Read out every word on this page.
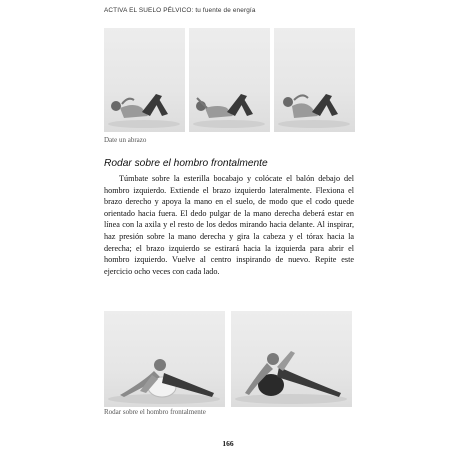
ACTIVA EL SUELO PÉLVICO: tu fuente de energía
Date un abrazo
Rodar sobre el hombro frontalmente

Túmbate sobre la esterilla bocabajo y colócate el balón debajo del hombro izquierdo. Extiende el brazo izquierdo lateralmente. Flexiona el brazo derecho y apoya la mano en el suelo, de modo que el codo quede orientado hacia fuera. El dedo pulgar de la mano derecha deberá estar en línea con la axila y el resto de los dedos mirando hacia delante. Al inspirar, haz presión sobre la mano derecha y gira la cabeza y el tórax hacia la derecha; el brazo izquierdo se estirará hacia la izquierda para abrir el hombro izquierdo. Vuelve al centro inspirando de nuevo. Repite este ejercicio ocho veces con cada lado.

Rodar sobre el hombro frontalmente
166
